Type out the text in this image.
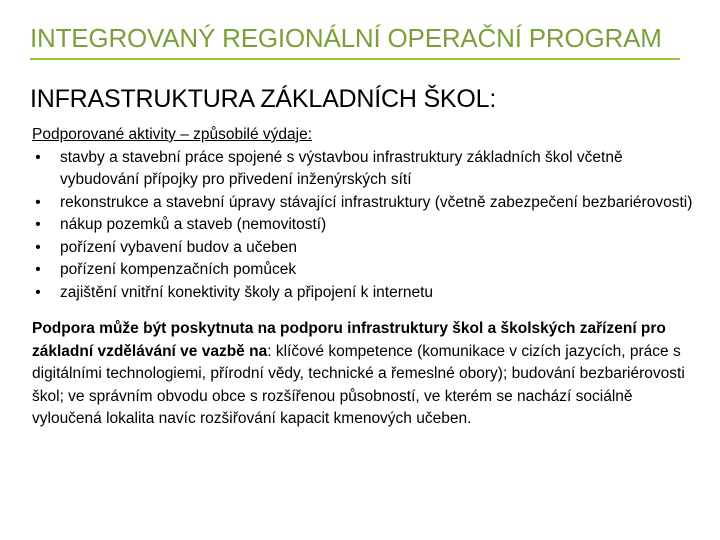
INTEGROVANÝ REGIONÁLNÍ OPERAČNÍ PROGRAM
INFRASTRUKTURA ZÁKLADNÍCH ŠKOL:
Podporované aktivity – způsobilé výdaje:
• stavby a stavební práce spojené s výstavbou infrastruktury základních škol včetně vybudování přípojky pro přivedení inženýrských sítí
• rekonstrukce a stavební úpravy stávající infrastruktury (včetně zabezpečení bezbariérovosti)
• nákup pozemků a staveb (nemovitostí)
• pořízení vybavení budov a učeben
• pořízení kompenzačních pomůcek
• zajištění vnitřní konektivity školy a připojení k internetu
Podpora může být poskytnuta na podporu infrastruktury škol a školských zařízení pro základní vzdělávání ve vazbě na: klíčové kompetence (komunikace v cizích jazycích, práce s digitálními technologiemi, přírodní vědy, technické a řemeslné obory); budování bezbariérovosti škol; ve správním obvodu obce s rozšířenou působností, ve kterém se nachází sociálně vyloučená lokalita navíc rozšiřování kapacit kmenových učeben.
